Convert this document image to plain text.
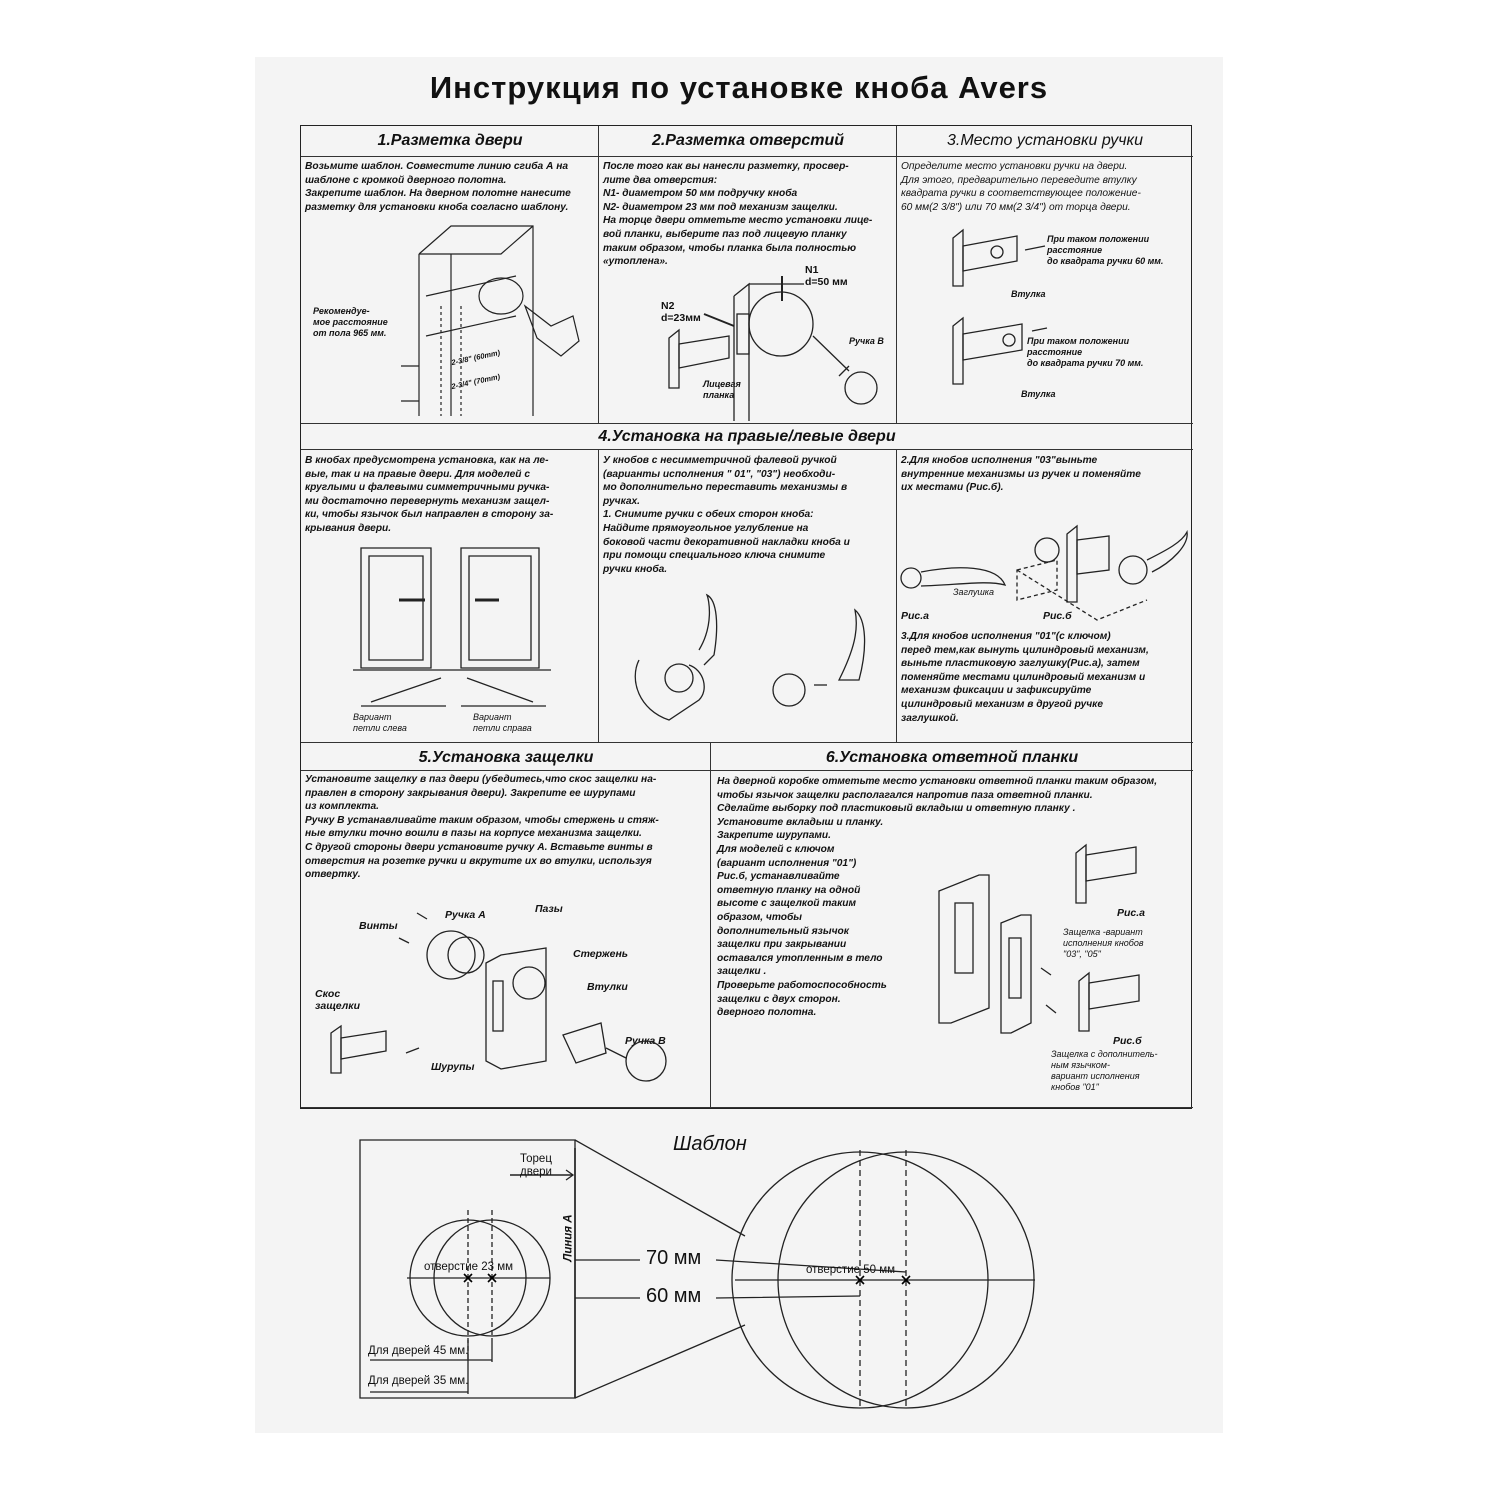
Инструкция по установке кноба Avers
1.Разметка двери
Возьмите шаблон. Совместите линию сгиба А на шаблоне с кромкой дверного полотна.
Закрепите шаблон. На дверном полотне нанесите разметку для установки кноба согласно шаблону.
Рекомендуе-
мое расстояние
от пола 965 мм.
2-3/8" (60mm)
2-3/4" (70mm)
2.Разметка отверстий
После того как вы нанесли разметку, просвер-
лите два отверстия:
N1- диаметром 50 мм подручку кноба
N2- диаметром 23 мм под механизм защелки.
На торце двери отметьте место установки лице-
вой планки, выберите паз под лицевую планку
таким образом, чтобы планка была полностью
«утоплена».
N1
d=50 мм
N2
d=23мм
Ручка В
Лицевая
планка
3.Место установки ручки
Определите место установки ручки на двери.
Для этого, предварительно переведите втулку
квадрата ручки в соответствующее положение-
60 мм(2 3/8") или 70 мм(2 3/4") от торца двери.
При таком положении
расстояние
до квадрата ручки 60 мм.
Втулка
При таком положении
расстояние
до квадрата ручки 70 мм.
Втулка
4.Установка на правые/левые двери
В кнобах предусмотрена установка, как на ле-
вые, так и на правые двери. Для моделей с
круглыми и фалевыми симметричными ручка-
ми достаточно перевернуть механизм защел-
ки, чтобы язычок был направлен в сторону за-
крывания двери.
Вариант
петли слева
Вариант
петли справа
У кнобов с несимметричной фалевой ручкой
(варианты исполнения " 01", "03") необходи-
мо дополнительно переставить механизмы в
ручках.
1. Снимите ручки с обеих сторон кноба:
Найдите прямоугольное углубление на
боковой части декоративной накладки кноба и
при помощи специального ключа снимите
ручки кноба.
2.Для кнобов исполнения "03"выньте
внутренние механизмы из ручек и поменяйте
их местами (Рис.б).
Заглушка
Рис.а	Рис.б
3.Для кнобов исполнения "01"(с ключом)
перед тем,как вынуть цилиндровый механизм,
выньте пластиковую заглушку(Рис.а), затем
поменяйте местами цилиндровый механизм и
механизм фиксации и зафиксируйте
цилиндровый механизм в другой ручке
заглушкой.
5.Установка защелки
Установите защелку в паз двери (убедитесь,что скос защелки на-
правлен в сторону закрывания двери). Закрепите ее шурупами
из комплекта.
Ручку В устанавливайте таким образом, чтобы стержень и стяж-
ные втулки точно вошли в пазы на корпусе механизма защелки.
С другой стороны двери установите ручку А. Вставьте винты в
отверстия на розетке ручки и вкрутите их во втулки, используя
отвертку.
Винты
Ручка А	Пазы
Стержень
Втулки
Скос
защелки
Шурупы
Ручка В
6.Установка ответной планки
На дверной коробке отметьте место установки ответной планки таким образом,
чтобы язычок защелки располагался напротив паза ответной планки.
Сделайте выборку под пластиковый вкладыш и ответную планку .
Установите вкладыш и планку.
Закрепите шурупами.
Для моделей с ключом
(вариант исполнения "01")
Рис.б, устанавливайте
ответную планку на одной
высоте с защелкой таким
образом, чтобы
дополнительный язычок
защелки при закрывании
оставался утопленным в тело
защелки .
Проверьте работоспособность
защелки с двух сторон.
дверного полотна.
Рис.а
Защелка -вариант
исполнения кнобов
"03", "05"
Рис.б
Защелка с дополнитель-
ным язычком-
вариант исполнения
кнобов "01"
Шаблон
Торец
двери
Линия А
отверстие 23 мм	70 мм
60 мм
отверстие 50 мм
Для дверей 45 мм.
Для дверей 35 мм.
